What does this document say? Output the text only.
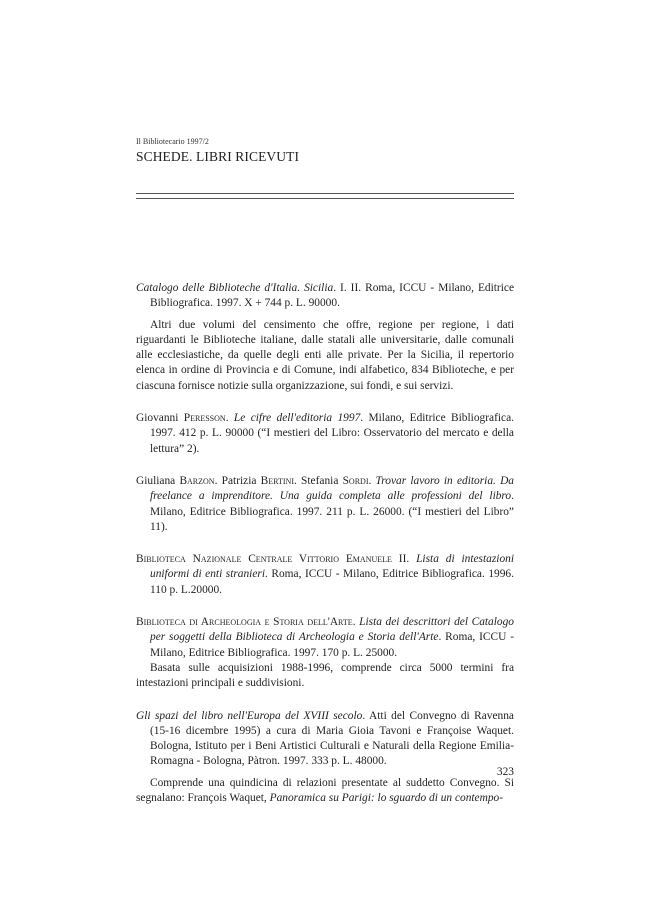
Il Bibliotecario 1997/2
SCHEDE. LIBRI RICEVUTI

Catalogo delle Biblioteche d'Italia. Sicilia. I. II. Roma, ICCU - Milano, Editrice Bibliografica. 1997. X + 744 p. L. 90000.

Altri due volumi del censimento che offre, regione per regione, i dati riguardanti le Biblioteche italiane, dalle statali alle universitarie, dalle comunali alle ecclesiastiche, da quelle degli enti alle private. Per la Sicilia, il repertorio elenca in ordine di Provincia e di Comune, indi alfabetico, 834 Biblioteche, e per ciascuna fornisce notizie sulla organizzazione, sui fondi, e sui servizi.

Giovanni Peresson. Le cifre dell'editoria 1997. Milano, Editrice Bibliografica. 1997. 412 p. L. 90000 (“I mestieri del Libro: Osservatorio del mercato e della lettura” 2).

Giuliana Barzon. Patrizia Bertini. Stefania Sordi. Trovar lavoro in editoria. Da freelance a imprenditore. Una guida completa alle professioni del libro. Milano, Editrice Bibliografica. 1997. 211 p. L. 26000. (“I mestieri del Libro” 11).

Biblioteca Nazionale Centrale Vittorio Emanuele II. Lista di intestazioni uniformi di enti stranieri. Roma, ICCU - Milano, Editrice Bibliografica. 1996. 110 p. L.20000.

Biblioteca di Archeologia e Storia dell'Arte. Lista dei descrittori del Catalogo per soggetti della Biblioteca di Archeologia e Storia dell'Arte. Roma, ICCU - Milano, Editrice Bibliografica. 1997. 170 p. L. 25000.

Basata sulle acquisizioni 1988-1996, comprende circa 5000 termini fra intestazioni principali e suddivisioni.

Gli spazi del libro nell'Europa del XVIII secolo. Atti del Convegno di Ravenna (15-16 dicembre 1995) a cura di Maria Gioia Tavoni e Françoise Waquet. Bologna, Istituto per i Beni Artistici Culturali e Naturali della Regione Emilia-Romagna - Bologna, Pàtron. 1997. 333 p. L. 48000.

Comprende una quindicina di relazioni presentate al suddetto Convegno. Si segnalano: François Waquet, Panoramica su Parigi: lo sguardo di un contempo-

323
